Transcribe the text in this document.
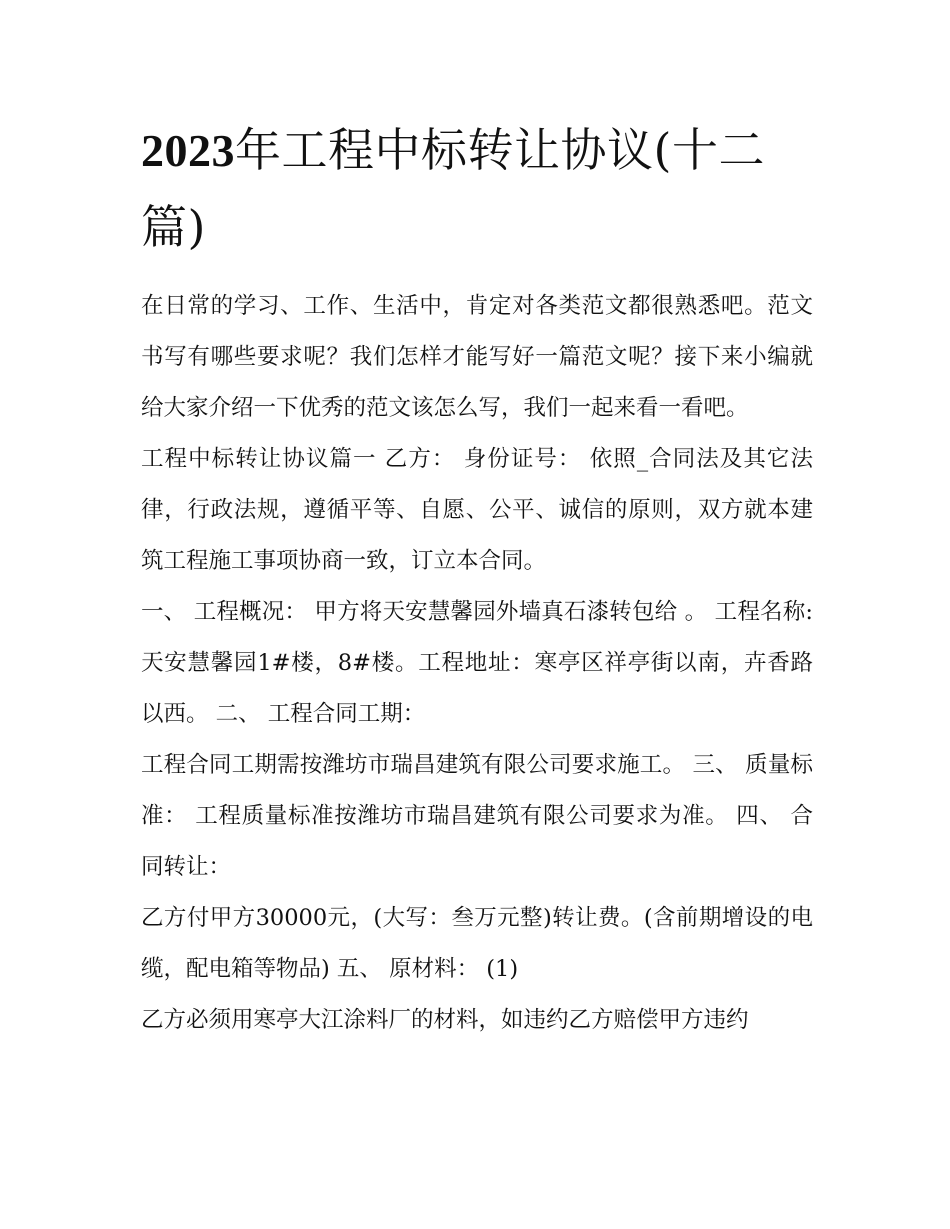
2023年工程中标转让协议(十二篇)

在日常的学习、工作、生活中，肯定对各类范文都很熟悉吧。范文书写有哪些要求呢？我们怎样才能写好一篇范文呢？接下来小编就给大家介绍一下优秀的范文该怎么写，我们一起来看一看吧。

工程中标转让协议篇一 乙方： 身份证号： 依照_合同法及其它法律，行政法规，遵循平等、自愿、公平、诚信的原则，双方就本建筑工程施工事项协商一致，订立本合同。

一、 工程概况： 甲方将天安慧馨园外墙真石漆转包给 。 工程名称:天安慧馨园1#楼，8#楼。工程地址：寒亭区祥亭街以南，卉香路以西。 二、 工程合同工期：

工程合同工期需按潍坊市瑞昌建筑有限公司要求施工。 三、 质量标准： 工程质量标准按潍坊市瑞昌建筑有限公司要求为准。 四、 合同转让：

乙方付甲方30000元，(大写：叁万元整)转让费。(含前期增设的电缆，配电箱等物品) 五、 原材料： (1)

乙方必须用寒亭大江涂料厂的材料，如违约乙方赔偿甲方违约
